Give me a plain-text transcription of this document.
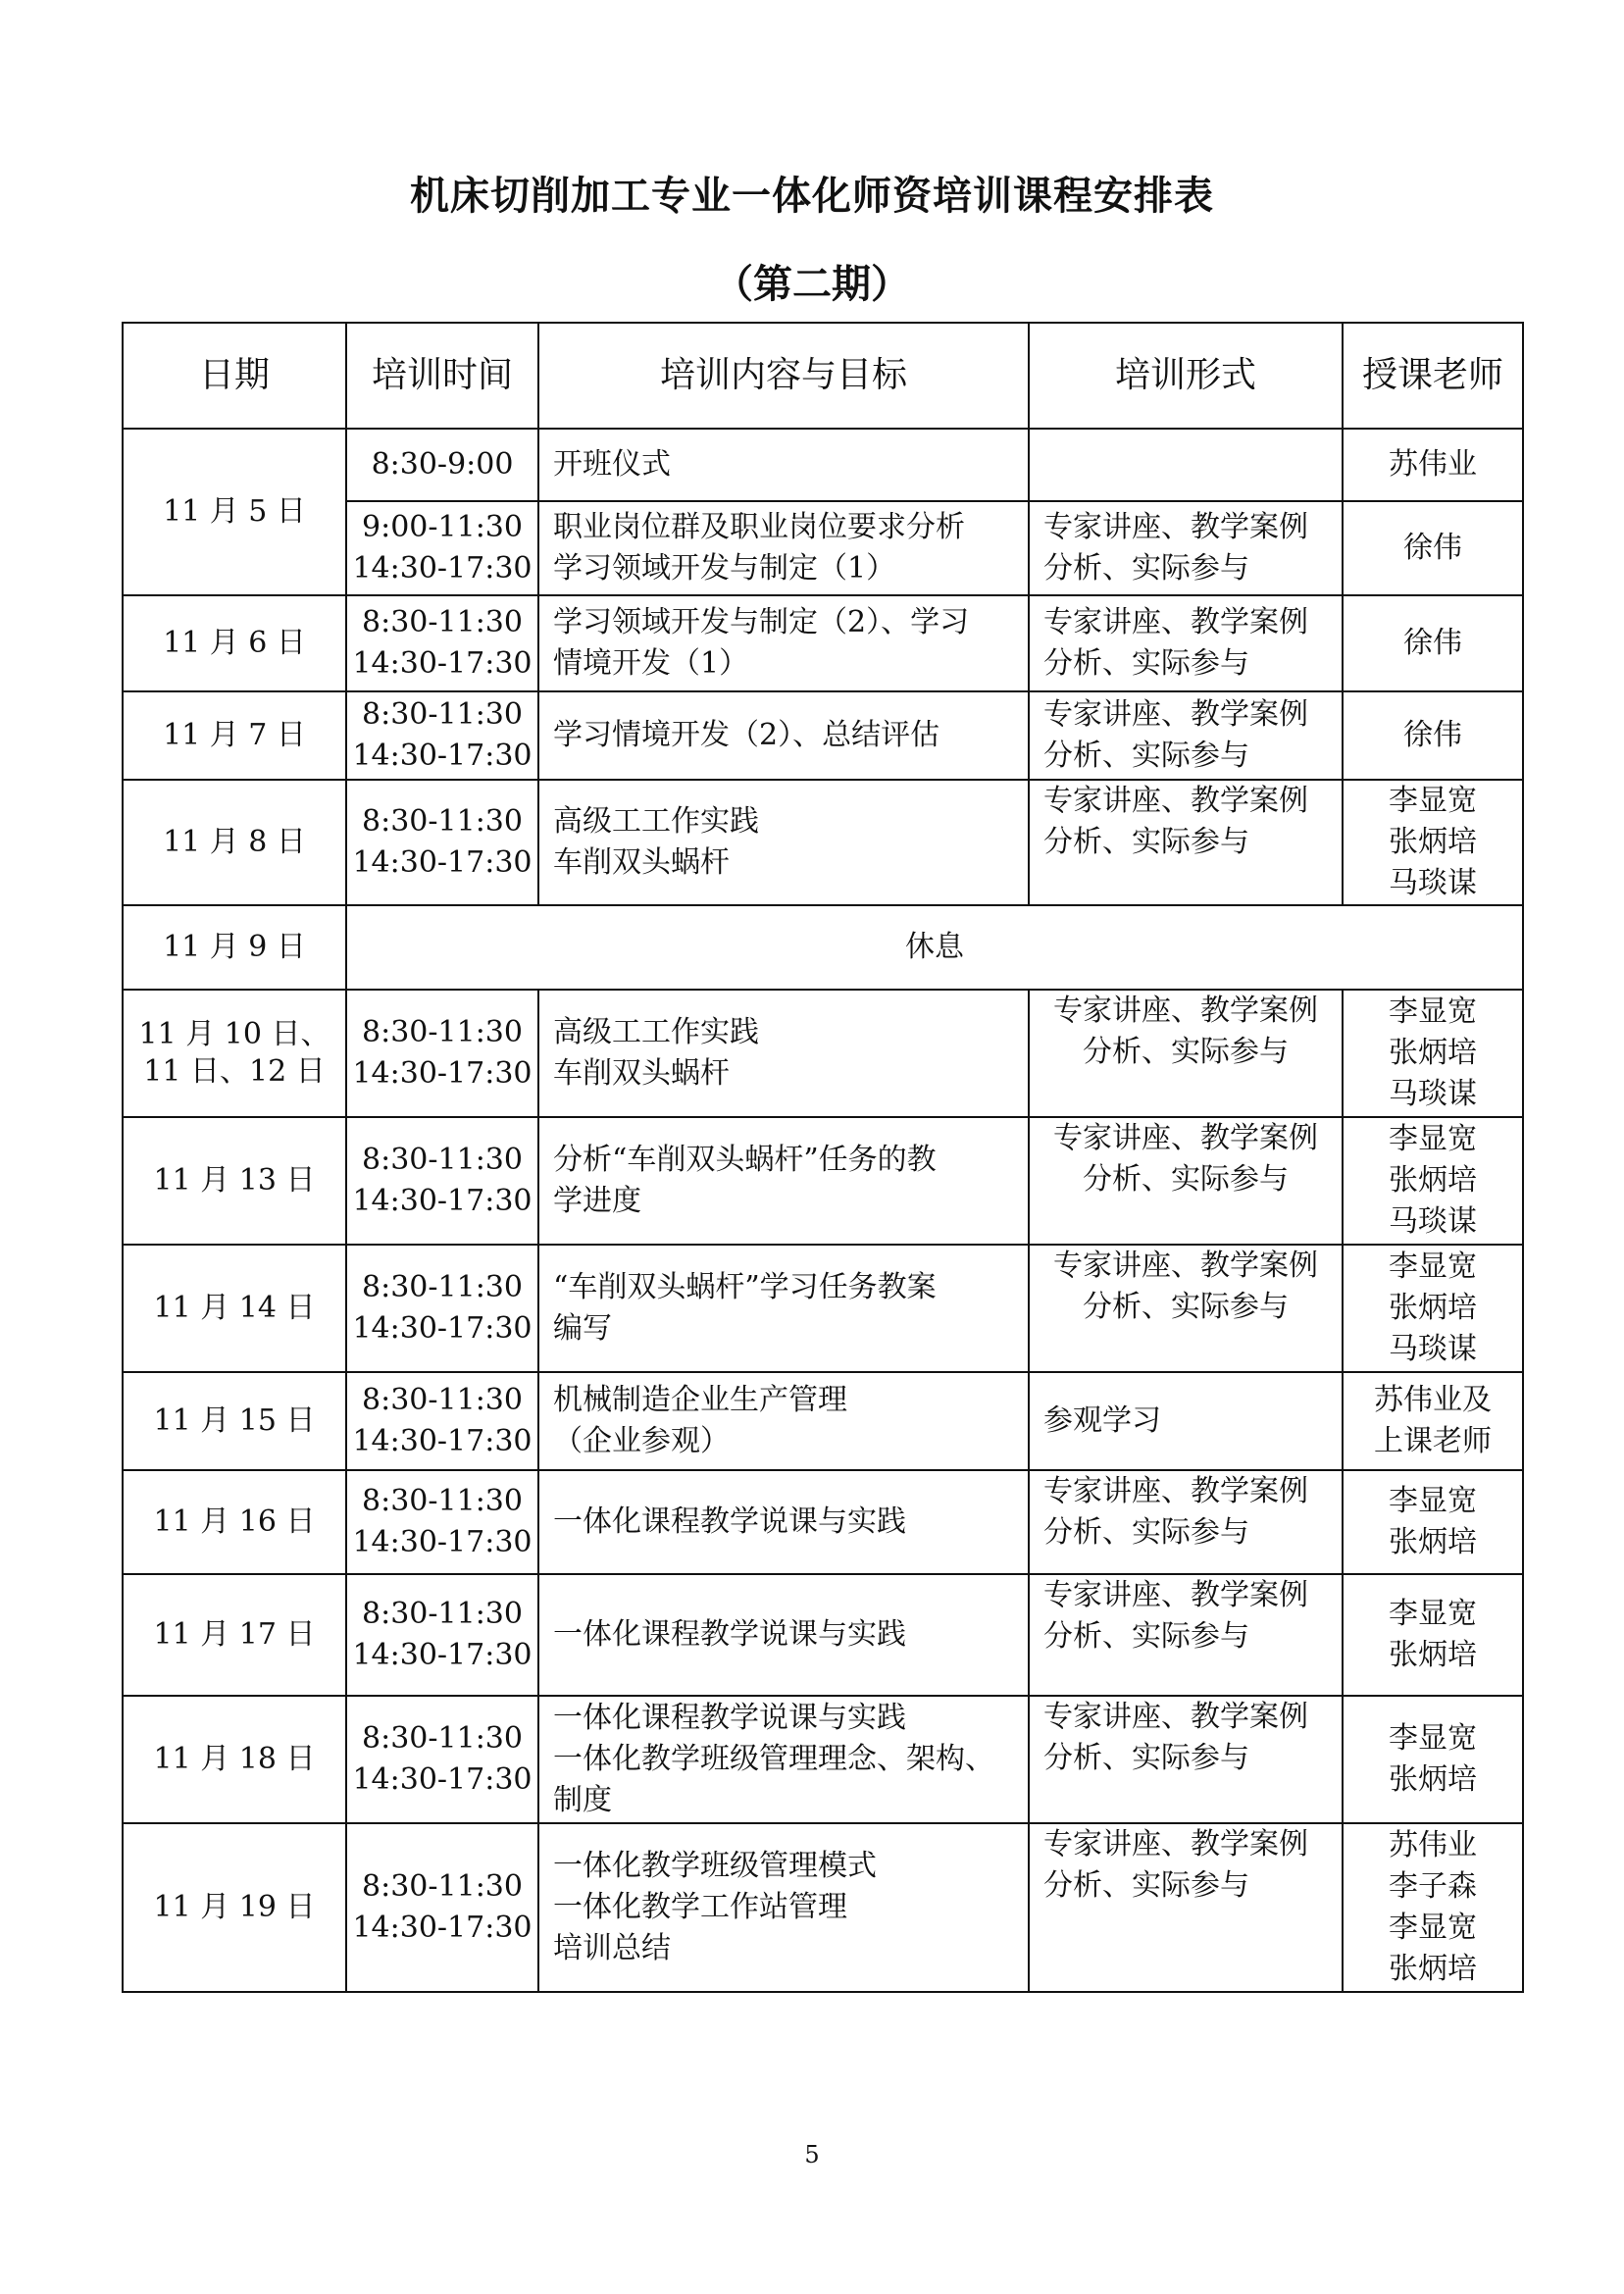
机床切削加工专业一体化师资培训课程安排表
（第二期）
日期	培训时间	培训内容与目标	培训形式	授课老师
11 月 5 日	8:30-9:00	开班仪式		苏伟业

	9:00-11:30
14:30-17:30	职业岗位群及职业岗位要求分析
学习领域开发与制定（1）	专家讲座、教学案例
分析、实际参与	徐伟

11 月 6 日	8:30-11:30
14:30-17:30	学习领域开发与制定（2）、学习
情境开发（1）	专家讲座、教学案例
分析、实际参与	徐伟

11 月 7 日	8:30-11:30
14:30-17:30	学习情境开发（2）、总结评估	专家讲座、教学案例
分析、实际参与	徐伟

11 月 8 日	8:30-11:30
14:30-17:30	高级工工作实践
车削双头蜗杆	专家讲座、教学案例
分析、实际参与	李显宽
张炳培
马琰谋

11 月 9 日	休息			
11 月 10 日、 11 日、12 日	8:30-11:30
14:30-17:30	高级工工作实践
车削双头蜗杆	专家讲座、教学案例
分析、实际参与	李显宽
张炳培
马琰谋

11 月 13 日	8:30-11:30
14:30-17:30	分析“车削双头蜗杆”任务的教
学进度	专家讲座、教学案例
分析、实际参与	李显宽
张炳培
马琰谋

11 月 14 日	8:30-11:30
14:30-17:30	“车削双头蜗杆”学习任务教案
编写	专家讲座、教学案例
分析、实际参与	李显宽
张炳培
马琰谋

11 月 15 日	8:30-11:30
14:30-17:30	机械制造企业生产管理
（企业参观）	参观学习	苏伟业及
上课老师

11 月 16 日	8:30-11:30
14:30-17:30	一体化课程教学说课与实践	专家讲座、教学案例
分析、实际参与	李显宽
张炳培

11 月 17 日	8:30-11:30
14:30-17:30	一体化课程教学说课与实践	专家讲座、教学案例
分析、实际参与	李显宽
张炳培

11 月 18 日	8:30-11:30
14:30-17:30	一体化课程教学说课与实践
一体化教学班级管理理念、架构、
制度	专家讲座、教学案例
分析、实际参与	李显宽
张炳培

11 月 19 日	8:30-11:30
14:30-17:30	一体化教学班级管理模式
一体化教学工作站管理
培训总结	专家讲座、教学案例
分析、实际参与	苏伟业
李子森
李显宽
张炳培
5
